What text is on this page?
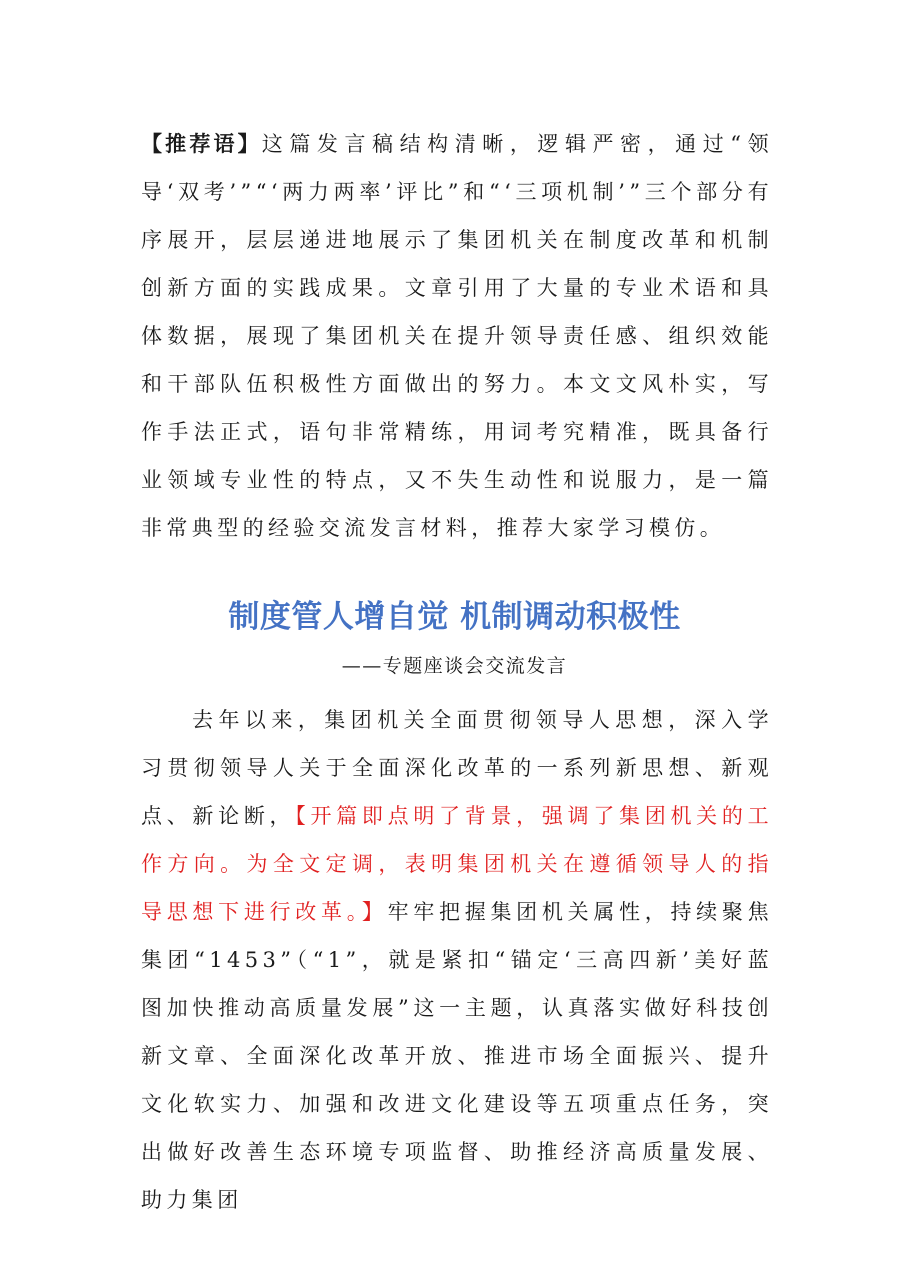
【推荐语】这篇发言稿结构清晰，逻辑严密，通过“领导‘双考’”“‘两力两率’评比”和“‘三项机制’”三个部分有序展开，层层递进地展示了集团机关在制度改革和机制创新方面的实践成果。文章引用了大量的专业术语和具体数据，展现了集团机关在提升领导责任感、组织效能和干部队伍积极性方面做出的努力。本文文风朴实，写作手法正式，语句非常精练，用词考究精准，既具备行业领域专业性的特点，又不失生动性和说服力，是一篇非常典型的经验交流发言材料，推荐大家学习模仿。

制度管人增自觉 机制调动积极性
——专题座谈会交流发言

去年以来，集团机关全面贯彻领导人思想，深入学习贯彻领导人关于全面深化改革的一系列新思想、新观点、新论断，【开篇即点明了背景，强调了集团机关的工作方向。为全文定调，表明集团机关在遵循领导人的指导思想下进行改革。】牢牢把握集团机关属性，持续聚焦集团“1453”（“1”，就是紧扣“锚定‘三高四新’美好蓝图加快推动高质量发展”这一主题，认真落实做好科技创新文章、全面深化改革开放、推进市场全面振兴、提升文化软实力、加强和改进文化建设等五项重点任务，突出做好改善生态环境专项监督、助推经济高质量发展、助力集团
